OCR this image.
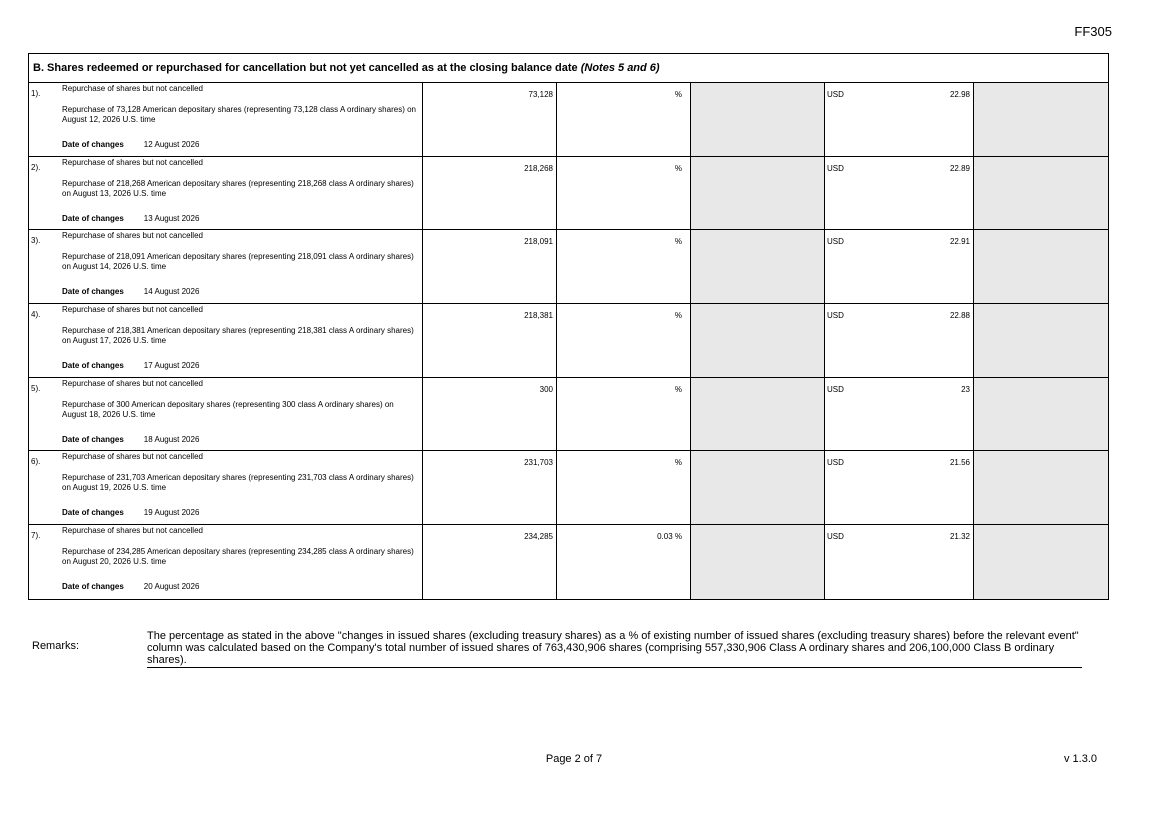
FF305
B. Shares redeemed or repurchased for cancellation but not yet cancelled as at the closing balance date (Notes 5 and 6)
1).
Repurchase of shares but not cancelled
Repurchase of 73,128 American depositary shares (representing 73,128 class A ordinary shares) on August 12, 2026 U.S. time
Date of changes	12 August 2026
73,128	%	USD	22.98
2).
Repurchase of shares but not cancelled
Repurchase of 218,268 American depositary shares (representing 218,268 class A ordinary shares) on August 13, 2026 U.S. time
Date of changes	13 August 2026
218,268	%	USD	22.89
3).
Repurchase of shares but not cancelled
Repurchase of 218,091 American depositary shares (representing 218,091 class A ordinary shares) on August 14, 2026 U.S. time
Date of changes	14 August 2026
218,091	%	USD	22.91
4).
Repurchase of shares but not cancelled
Repurchase of 218,381 American depositary shares (representing 218,381 class A ordinary shares) on August 17, 2026 U.S. time
Date of changes	17 August 2026
218,381	%	USD	22.88
5).
Repurchase of shares but not cancelled
Repurchase of 300 American depositary shares (representing 300 class A ordinary shares) on August 18, 2026 U.S. time
Date of changes	18 August 2026
300	%	USD	23
6).
Repurchase of shares but not cancelled
Repurchase of 231,703 American depositary shares (representing 231,703 class A ordinary shares) on August 19, 2026 U.S. time
Date of changes	19 August 2026
231,703	%	USD	21.56
7).
Repurchase of shares but not cancelled
Repurchase of 234,285 American depositary shares (representing 234,285 class A ordinary shares) on August 20, 2026 U.S. time
Date of changes	20 August 2026
234,285	0.03 %	USD	21.32
Remarks:
The percentage as stated in the above "changes in issued shares (excluding treasury shares) as a % of existing number of issued shares (excluding treasury shares) before the relevant event" column was calculated based on the Company's total number of issued shares of 763,430,906 shares (comprising 557,330,906 Class A ordinary shares and 206,100,000 Class B ordinary shares).
Page 2 of 7	v 1.3.0
